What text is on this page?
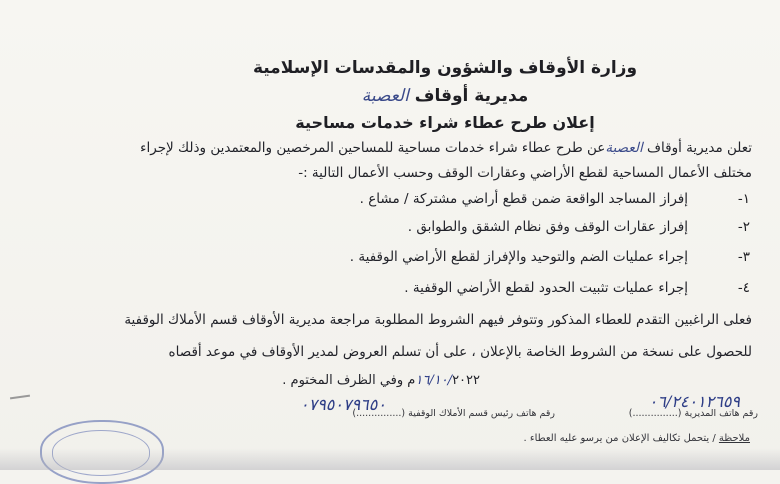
وزارة الأوقاف والشؤون والمقدسات الإسلامية
مديرية أوقاف العصبة
إعلان طرح عطاء شراء خدمات مساحية
تعلن مديرية أوقاف العصبةعن طرح عطاء شراء خدمات مساحية للمساحين المرخصين والمعتمدين وذلك لإجراء
مختلف الأعمال المساحية لقطع الأراضي وعقارات الوقف وحسب الأعمال التالية :-
١-
إفراز المساجد الواقعة ضمن قطع أراضي مشتركة / مشاع .
٢-
إفراز عقارات الوقف وفق نظام الشقق والطوابق .
٣-
إجراء عمليات الضم والتوحيد والإفراز لقطع الأراضي الوقفية .
٤-
إجراء عمليات تثبيت الحدود لقطع الأراضي الوقفية .
فعلى الراغبين التقدم للعطاء المذكور وتتوفر فيهم الشروط المطلوبة مراجعة مديرية الأوقاف قسم الأملاك الوقفية
للحصول على نسخة من الشروط الخاصة بالإعلان ، على أن تسلم العروض لمدير الأوقاف في موعد أقصاه
١٦/١٠/٢٠٢٢م وفي الظرف المختوم .
٠٦/٢٤٠١٢٦٥٩
٠٧٩٥٠٧٩٦٥٠	رقم هاتف المديرية (...............)
رقم هاتف رئيس قسم الأملاك الوقفية (...............)
ملاحظة / يتحمل تكاليف الإعلان من يرسو عليه العطاء .
